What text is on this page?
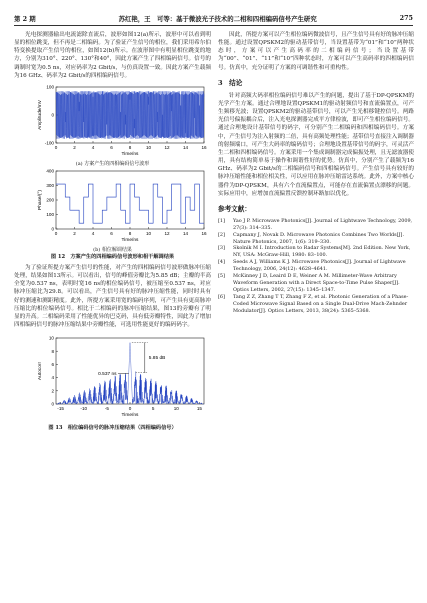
第 2 期	苏红艳，王　可等：基于微波光子技术的二相和四相编码信号产生研究	275

光电探测器输出电流滤除直流后，波形如图12(a)所示，波形中可以看到明显的相位跳变，但不再是二相编码。为了验证产生信号的相位，我们采用希尔伯特变换提取产生信号的相位，如图12(b)所示。在波形图中有明显相位跳变的地方，分别为310°、220°、130°和40°，因此方案产生了四相编码信号。信号的调制时宽为0.5 ns，对应码率为2 Gbit/s，与仿真设置一致。因此方案产生载频为16 GHz、码率为2 Gbit/s的四相编码信号。

0	2	4	6	8	10	12	14	16
-100
0
100
Time/ns
Amplitude/mV
(a) 方案产生的四相编码信号波形
0	2	4	6	8	10	12	14	16
0
100
200
300
400
Time/ns
Phase/(°)
(b) 相位解调结果
图 12　方案产生的四相编码信号波形和相干解调结果

为了验证所提方案产生信号的性能，对产生的四相编码信号波形做脉冲压缩处理，结果如图13所示。可以看出，信号的峰值旁瓣比为5.85 dB；主瓣的半高全宽为0.537 ns，表明时宽16 ns的相位编码信号，被压缩至0.537 ns，对应脉冲压缩比为29.8。可以看出，产生信号具有好的脉冲压缩性能，同时时具有好的测速和测距精度。此外，所提方案采用宽的编码序列，可产生具有更高脉冲压缩比的相位编码信号。相比于二相编码的脉冲压缩结果，图13的旁瓣有了明显的升高。二相编码采用了性能优异的巴克码，具有低旁瓣特性，因此为了增加四相编码信号的脉冲压缩结果中旁瓣性能，可选用性能更好的编码码字。

-15	-10	-5	0	5	10	15
0
2
4
6
8
10
Time/ns
Autocorr
5.85 dB
0.537 ns
图 13　相位编码信号的脉冲压缩结果（四相编码信号）

因此，所提方案可以产生相位编码微波信号，且产生信号具有好的脉冲压缩性能。通过设置QPSKM2的驱动基带信号，当设置基带为“01”和“10”两种状态时，方案可以产生高码率的二相编码信号；当设置基带为“00”、“01”、“11”和“10”四种状态时，方案可以产生高码率的四相编码信号。仿真中，充分证明了方案的可调谐性和可重构性。

3　结论

针对高频大码率相位编码信号难以产生的问题，提出了基于DP-QPSKM的光学产生方案。通过合理地设置QPSKM1的驱动射频信号和直流偏置点，可产生频移光波；设置QPSKM2的驱动基带信号，可以产生光相移键控信号。两路光信号偏振耦合后，注入光电探测器完成平方律检波，即可产生相位编码信号。通过合理地设计基带信号的码字，可分别产生二相编码和四相编码信号。方案中，产生信号为注入射频的二倍，具有高频处理性能；基带信号直接注入调制器的射频端口，可产生大码率的编码信号；合理地设置基带信号的码字，可灵活产生二相和四相编码信号。方案采用一个集成调制器完成偏振处理，且无滤波器使用，具有结构简单易于操作和调谐性好的优势。仿真中，分别产生了载频为16 GHz、码率为2 Gbit/s的二相编码信号和四相编码信号。产生信号具有较好的脉冲压缩性能和相位相关性，可以应用在脉冲压缩雷达系统。此外，方案中核心器件为DP-QPSKM，具有六个直流偏置点，可能存在直流偏置点漂移的问题。实际应用中，应增加直流偏置反馈控制环路加以优化。

参考文献：
[1]	Yao J P. Microwave Photonics[J]. Journal of Lightwave Technology, 2009, 27(3): 314–335.
[2]	Capmany J, Novak D. Microwave Photonics Combines Two Worlds[J]. Nature Photonics, 2007, 1(6): 319–330.
[3]	Skolnik M I. Introduction to Radar Systems[M]. 2nd Edition. New York, NY, USA: McGraw-Hill, 1980: 83–100.
[4]	Seeds A J, Williams K J. Microwave Photonics[J]. Journal of Lightwave Technology, 2006, 24(12): 4628–4641.
[5]	McKinney J D, Leaird D E, Weiner A M. Millimeter-Wave Arbitrary Waveform Generation with a Direct Space-to-Time Pulse Shaper[J]. Optics Letters, 2002, 27(15): 1345–1347.
[6]	Tang Z Z, Zhang T T, Zhang F Z, et al. Photonic Generation of a Phase-Coded Microwave Signal Based on a Single Dual-Drive Mach-Zehnder Modulator[J]. Optics Letters, 2013, 38(24): 5365–5368.
